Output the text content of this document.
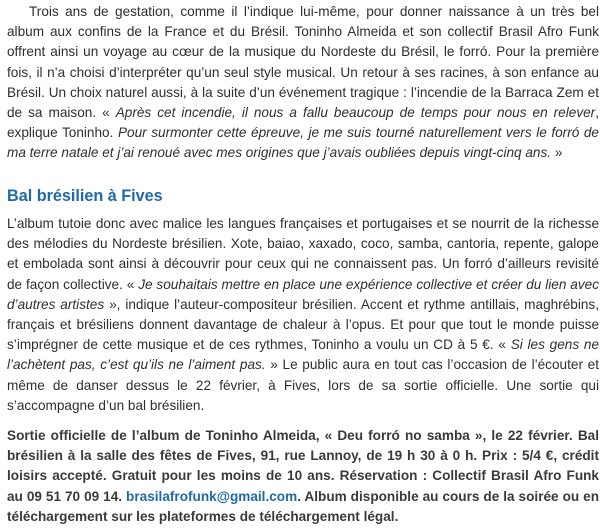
Trois ans de gestation, comme il l’indique lui-même, pour donner naissance à un très bel album aux confins de la France et du Brésil. Toninho Almeida et son collectif Brasil Afro Funk offrent ainsi un voyage au cœur de la musique du Nordeste du Brésil, le forró. Pour la première fois, il n’a choisi d’interpréter qu’un seul style musical. Un retour à ses racines, à son enfance au Brésil. Un choix naturel aussi, à la suite d’un événement tragique : l’incendie de la Barraca Zem et de sa maison. « Après cet incendie, il nous a fallu beaucoup de temps pour nous en relever, explique Toninho. Pour surmonter cette épreuve, je me suis tourné naturellement vers le forró de ma terre natale et j’ai renoué avec mes origines que j’avais oubliées depuis vingt-cinq ans. »

Bal brésilien à Fives

L’album tutoie donc avec malice les langues françaises et portugaises et se nourrit de la richesse des mélodies du Nordeste brésilien. Xote, baiao, xaxado, coco, samba, cantoria, repente, galope et embolada sont ainsi à découvrir pour ceux qui ne connaissent pas. Un forró d’ailleurs revisité de façon collective. « Je souhaitais mettre en place une expérience collective et créer du lien avec d’autres artistes », indique l’auteur-compositeur brésilien. Accent et rythme antillais, maghrébins, français et brésiliens donnent davantage de chaleur à l’opus. Et pour que tout le monde puisse s’imprégner de cette musique et de ces rythmes, Toninho a voulu un CD à 5 €. « Si les gens ne l’achètent pas, c’est qu’ils ne l’aiment pas. » Le public aura en tout cas l’occasion de l’écouter et même de danser dessus le 22 février, à Fives, lors de sa sortie officielle. Une sortie qui s’accompagne d’un bal brésilien.

Sortie officielle de l’album de Toninho Almeida, « Deu forró no samba », le 22 février. Bal brésilien à la salle des fêtes de Fives, 91, rue Lannoy, de 19 h 30 à 0 h. Prix : 5/4 €, crédit loisirs accepté. Gratuit pour les moins de 10 ans. Réservation : Collectif Brasil Afro Funk au 09 51 70 09 14. brasilafrofunk@gmail.com. Album disponible au cours de la soirée ou en téléchargement sur les plateformes de téléchargement légal.
